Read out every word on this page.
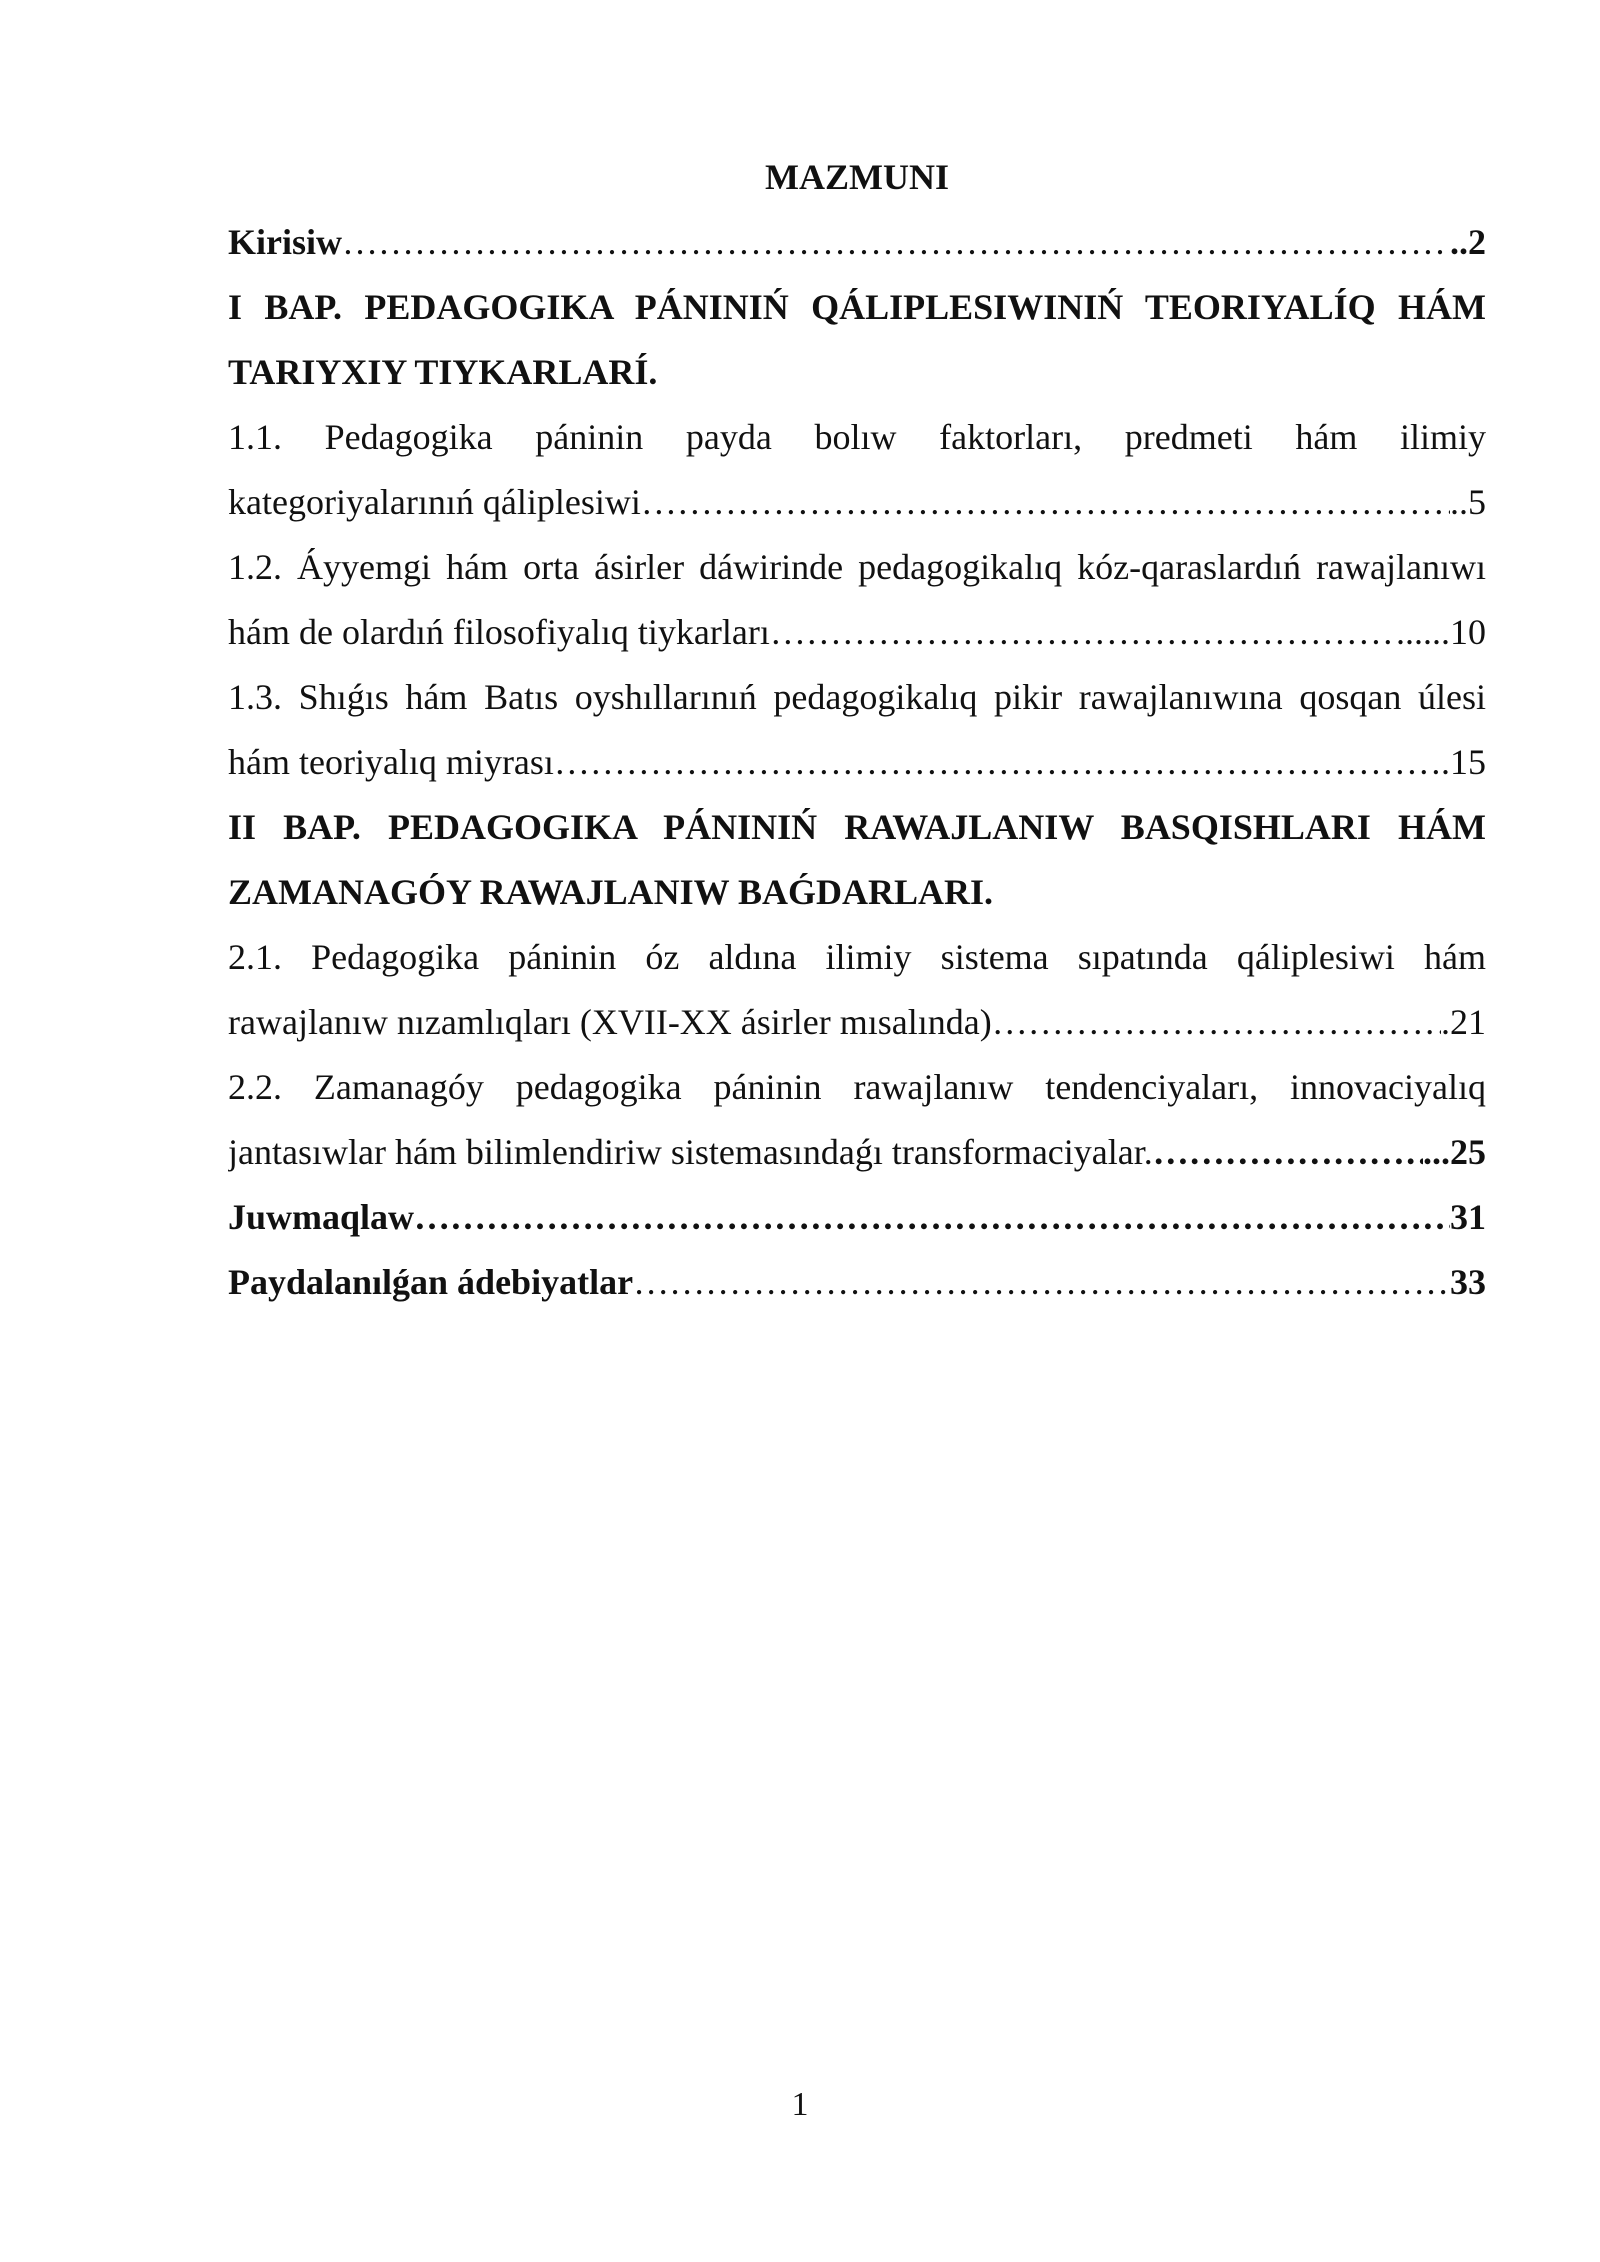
MAZMUNI
Kirisiw ……………………………………………………………………………………………………………………………………………………………………………………………………	..2
I BAP. PEDAGOGIKA PÁNINIŃ QÁLIPLESIWINIŃ TEORIYALÍQ HÁM
TARIYXIY TIYKARLARÍ.
1.1. Pedagogika páninin payda bolıw faktorları, predmeti hám ilimiy
kategoriyalarınıń qáliplesiwi ……………………………………………………………………………………………………………………………………………………………………………………………………	..5
1.2. Áyyemgi hám orta ásirler dáwirinde pedagogikalıq kóz-qaraslardıń rawajlanıwı
hám de olardıń filosofiyalıq tiykarları ……………………………………………………………………………………………………………………………………………………………………………………………………	......10
1.3. Shıǵıs hám Batıs oyshıllarınıń pedagogikalıq pikir rawajlanıwına qosqan úlesi
hám teoriyalıq miyrası ……………………………………………………………………………………………………………………………………………………………………………………………………	.15
II BAP. PEDAGOGIKA PÁNINIŃ RAWAJLANIW BASQISHLARI HÁM
ZAMANAGÓY RAWAJLANIW BAǴDARLARI.
2.1. Pedagogika páninin óz aldına ilimiy sistema sıpatında qáliplesiwi hám
rawajlanıw nızamlıqları (XVII-XX ásirler mısalında) ……………………………………………………………………………………………………………………………………………………………………………………………………	.21
2.2. Zamanagóy pedagogika páninin rawajlanıw tendenciyaları, innovaciyalıq
jantasıwlar hám bilimlendiriw sistemasındaǵı transformaciyalar. ……………………………………………………………………………………………………………………………………………………………………………………………………	...25
Juwmaqlaw ……………………………………………………………………………………………………………………………………………………………………………………………………	31
Paydalanılǵan ádebiyatlar ……………………………………………………………………………………………………………………………………………………………………………………………………	33
1
